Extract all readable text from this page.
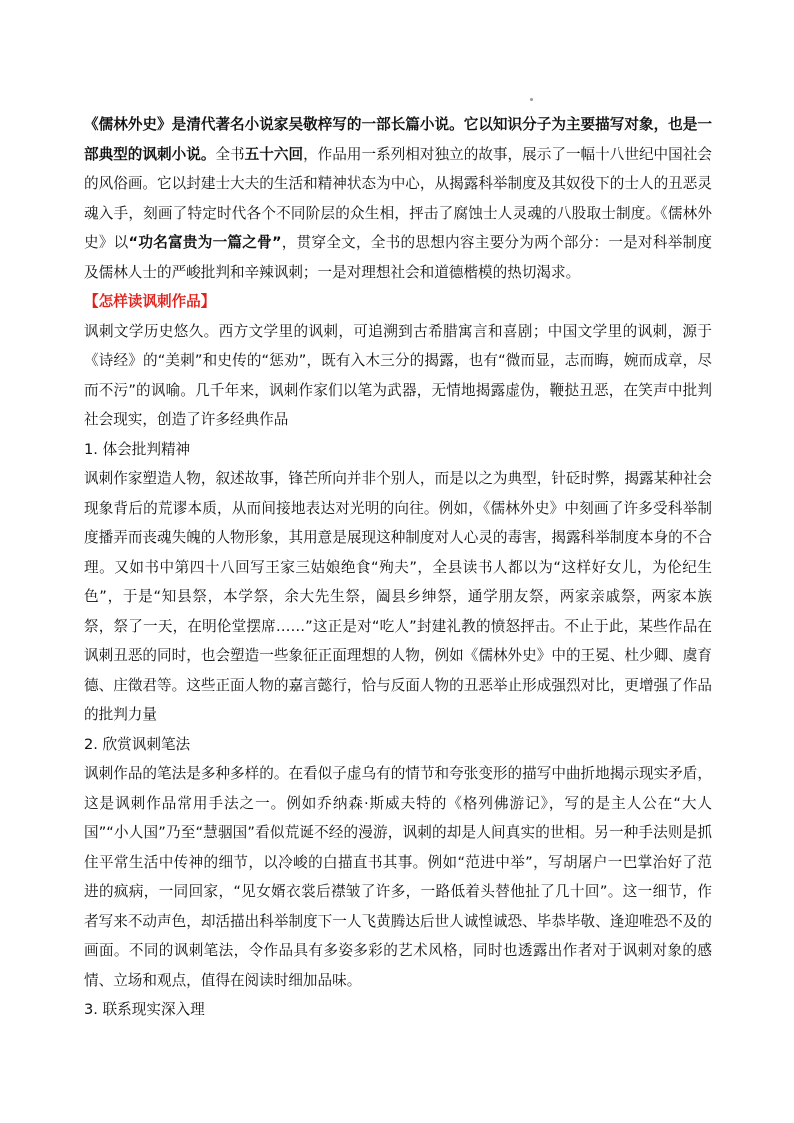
《儒林外史》是清代著名小说家吴敬梓写的一部长篇小说。它以知识分子为主要描写对象，也是一部典型的讽刺小说。全书五十六回，作品用一系列相对独立的故事，展示了一幅十八世纪中国社会的风俗画。它以封建士大夫的生活和精神状态为中心，从揭露科举制度及其奴役下的士人的丑恶灵魂入手，刻画了特定时代各个不同阶层的众生相，抨击了腐蚀士人灵魂的八股取士制度。《儒林外史》以“功名富贵为一篇之骨”，贯穿全文，全书的思想内容主要分为两个部分：一是对科举制度及儒林人士的严峻批判和辛辣讽刺；一是对理想社会和道德楷模的热切渴求。

【怎样读讽刺作品】

讽刺文学历史悠久。西方文学里的讽刺，可追溯到古希腊寓言和喜剧；中国文学里的讽刺，源于《诗经》的“美刺”和史传的“惩劝”，既有入木三分的揭露，也有“微而显，志而晦，婉而成章，尽而不污”的讽喻。几千年来，讽刺作家们以笔为武器，无情地揭露虚伪，鞭挞丑恶，在笑声中批判社会现实，创造了许多经典作品

1. 体会批判精神

讽刺作家塑造人物，叙述故事，锋芒所向并非个别人，而是以之为典型，针砭时弊，揭露某种社会现象背后的荒谬本质，从而间接地表达对光明的向往。例如，《儒林外史》中刻画了许多受科举制度播弄而丧魂失魄的人物形象，其用意是展现这种制度对人心灵的毒害，揭露科举制度本身的不合理。又如书中第四十八回写王家三姑娘绝食“殉夫”，全县读书人都以为“这样好女儿，为伦纪生色”，于是“知县祭，本学祭，余大先生祭，阖县乡绅祭，通学朋友祭，两家亲戚祭，两家本族祭，祭了一天，在明伦堂摆席……”这正是对“吃人”封建礼教的愤怒抨击。不止于此，某些作品在讽刺丑恶的同时，也会塑造一些象征正面理想的人物，例如《儒林外史》中的王冕、杜少卿、虞育德、庄徵君等。这些正面人物的嘉言懿行，恰与反面人物的丑恶举止形成强烈对比，更增强了作品的批判力量

2. 欣赏讽刺笔法

讽刺作品的笔法是多种多样的。在看似子虚乌有的情节和夸张变形的描写中曲折地揭示现实矛盾，这是讽刺作品常用手法之一。例如乔纳森·斯威夫特的《格列佛游记》，写的是主人公在“大人国”“小人国”乃至“慧骃国”看似荒诞不经的漫游，讽刺的却是人间真实的世相。另一种手法则是抓住平常生活中传神的细节，以冷峻的白描直书其事。例如“范进中举”，写胡屠户一巴掌治好了范进的疯病，一同回家，“见女婿衣裳后襟皱了许多，一路低着头替他扯了几十回”。这一细节，作者写来不动声色，却活描出科举制度下一人飞黄腾达后世人诚惶诚恐、毕恭毕敬、逢迎唯恐不及的画面。不同的讽刺笔法，令作品具有多姿多彩的艺术风格，同时也透露出作者对于讽刺对象的感情、立场和观点，值得在阅读时细加品味。

3. 联系现实深入理
